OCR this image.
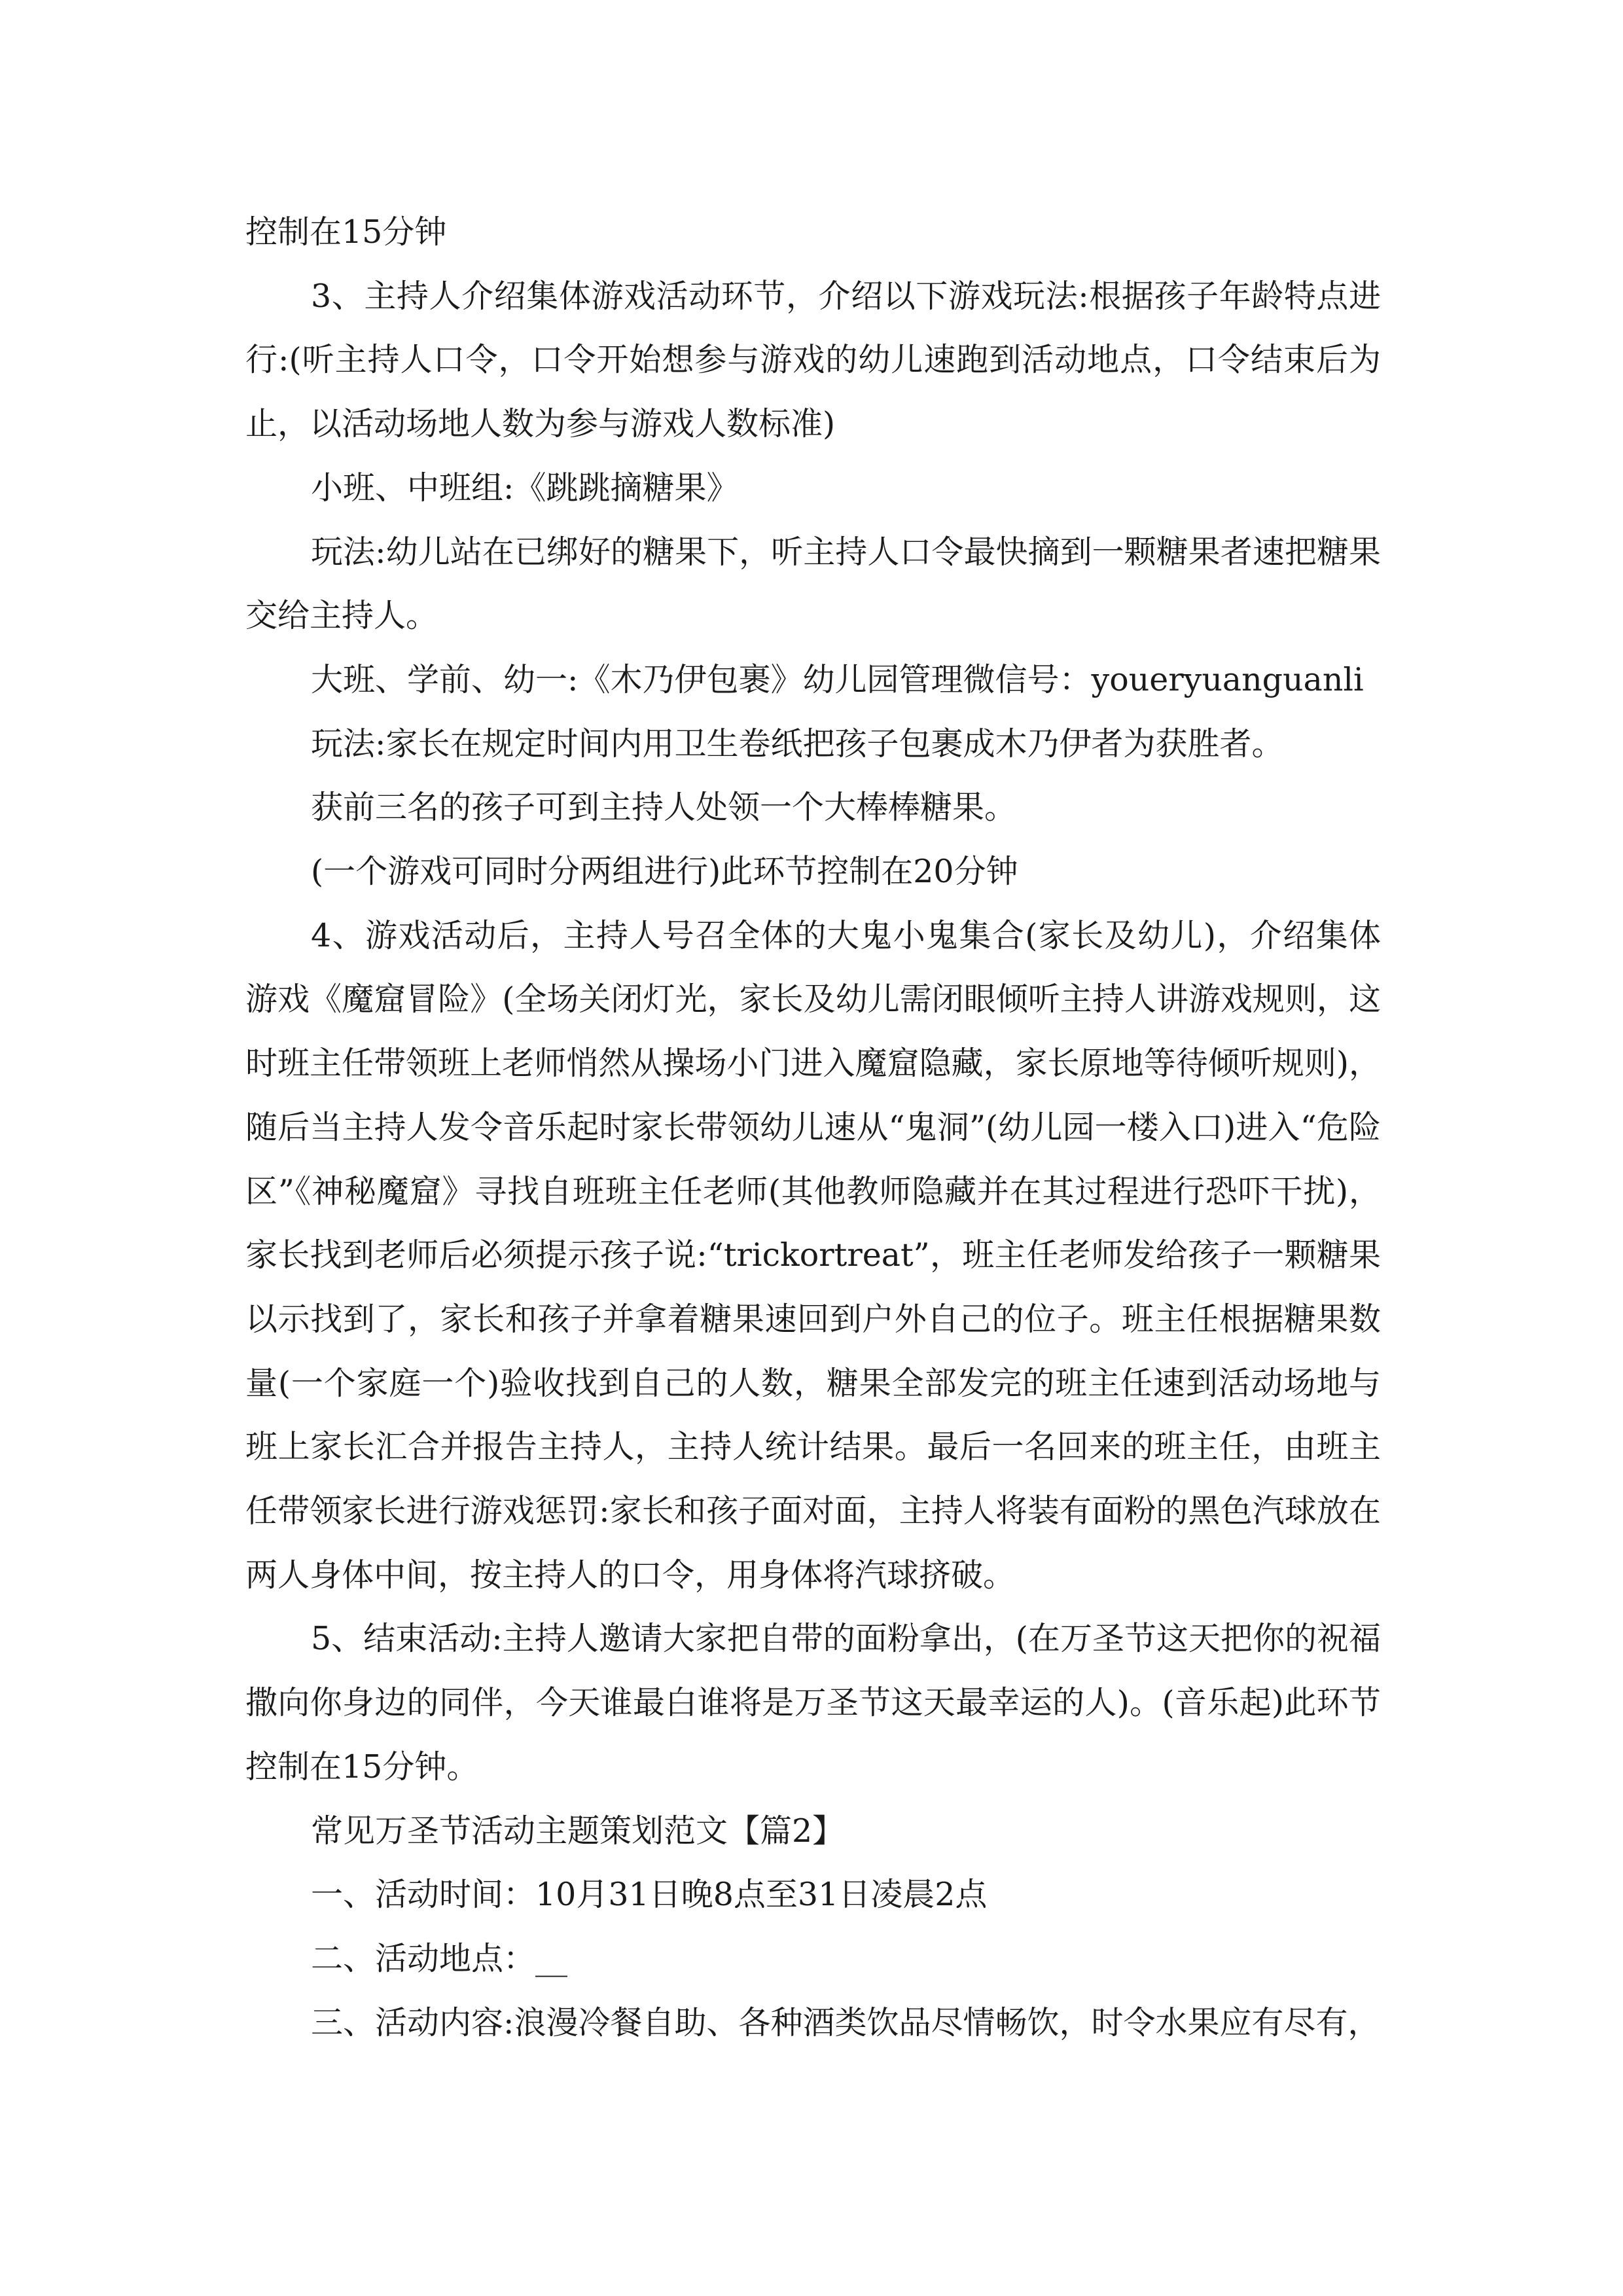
控制在15分钟

3、主持人介绍集体游戏活动环节，介绍以下游戏玩法:根据孩子年龄特点进行:(听主持人口令，口令开始想参与游戏的幼儿速跑到活动地点，口令结束后为止，以活动场地人数为参与游戏人数标准)

小班、中班组:《跳跳摘糖果》

玩法:幼儿站在已绑好的糖果下，听主持人口令最快摘到一颗糖果者速把糖果交给主持人。

大班、学前、幼一:《木乃伊包裹》幼儿园管理微信号：youeryuanguanli

玩法:家长在规定时间内用卫生卷纸把孩子包裹成木乃伊者为获胜者。

获前三名的孩子可到主持人处领一个大棒棒糖果。

(一个游戏可同时分两组进行)此环节控制在20分钟

4、游戏活动后，主持人号召全体的大鬼小鬼集合(家长及幼儿)，介绍集体游戏《魔窟冒险》(全场关闭灯光，家长及幼儿需闭眼倾听主持人讲游戏规则，这时班主任带领班上老师悄然从操场小门进入魔窟隐藏，家长原地等待倾听规则)，随后当主持人发令音乐起时家长带领幼儿速从“鬼洞”(幼儿园一楼入口)进入“危险区”《神秘魔窟》寻找自班班主任老师(其他教师隐藏并在其过程进行恐吓干扰)，家长找到老师后必须提示孩子说:“trickortreat”，班主任老师发给孩子一颗糖果以示找到了，家长和孩子并拿着糖果速回到户外自己的位子。班主任根据糖果数量(一个家庭一个)验收找到自己的人数，糖果全部发完的班主任速到活动场地与班上家长汇合并报告主持人，主持人统计结果。最后一名回来的班主任，由班主任带领家长进行游戏惩罚:家长和孩子面对面，主持人将装有面粉的黑色汽球放在两人身体中间，按主持人的口令，用身体将汽球挤破。

5、结束活动:主持人邀请大家把自带的面粉拿出，(在万圣节这天把你的祝福撒向你身边的同伴，今天谁最白谁将是万圣节这天最幸运的人)。(音乐起)此环节控制在15分钟。

常见万圣节活动主题策划范文【篇2】

一、活动时间：10月31日晚8点至31日凌晨2点

二、活动地点：__

三、活动内容:浪漫冷餐自助、各种酒类饮品尽情畅饮，时令水果应有尽有，
